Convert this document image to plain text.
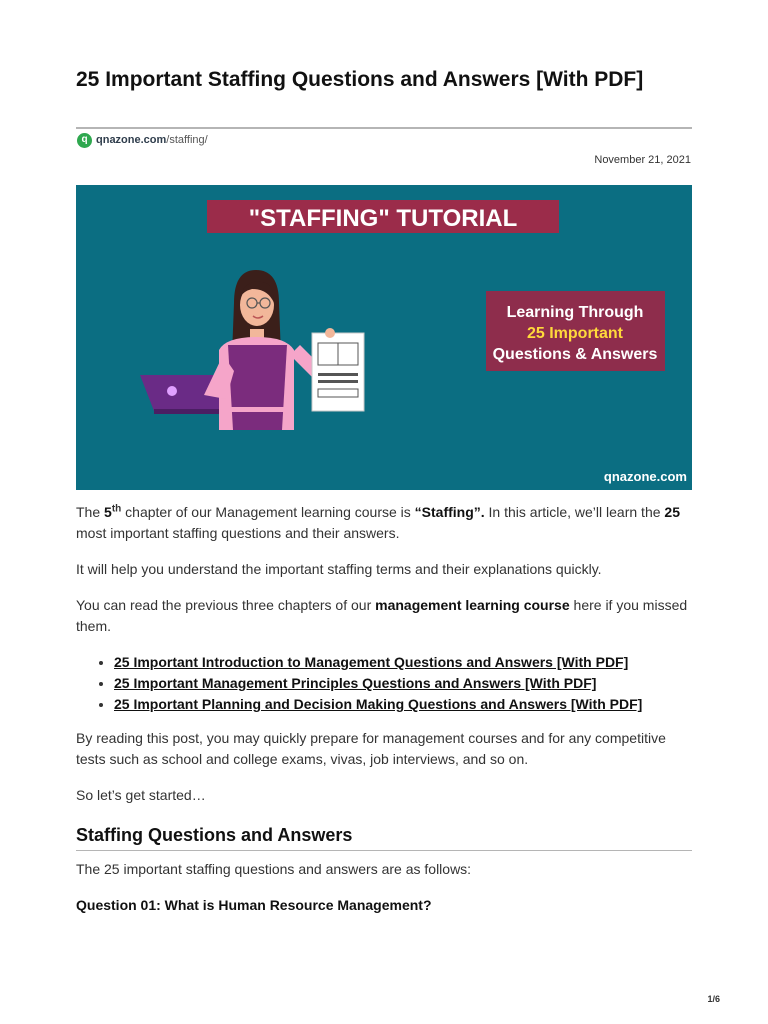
25 Important Staffing Questions and Answers [With PDF]
q qnazone.com /staffing/
November 21, 2021
"STAFFING" TUTORIAL
Learning Through
25 Important
Questions & Answers
qnazone.com

The 5th chapter of our Management learning course is “Staffing”. In this article, we’ll learn the 25 most important staffing questions and their answers.

It will help you understand the important staffing terms and their explanations quickly.

You can read the previous three chapters of our management learning course here if you missed them.

• 25 Important Introduction to Management Questions and Answers [With PDF]
• 25 Important Management Principles Questions and Answers [With PDF]
• 25 Important Planning and Decision Making Questions and Answers [With PDF]

By reading this post, you may quickly prepare for management courses and for any competitive tests such as school and college exams, vivas, job interviews, and so on.

So let’s get started…

Staffing Questions and Answers

The 25 important staffing questions and answers are as follows:

Question 01: What is Human Resource Management?
1/6
